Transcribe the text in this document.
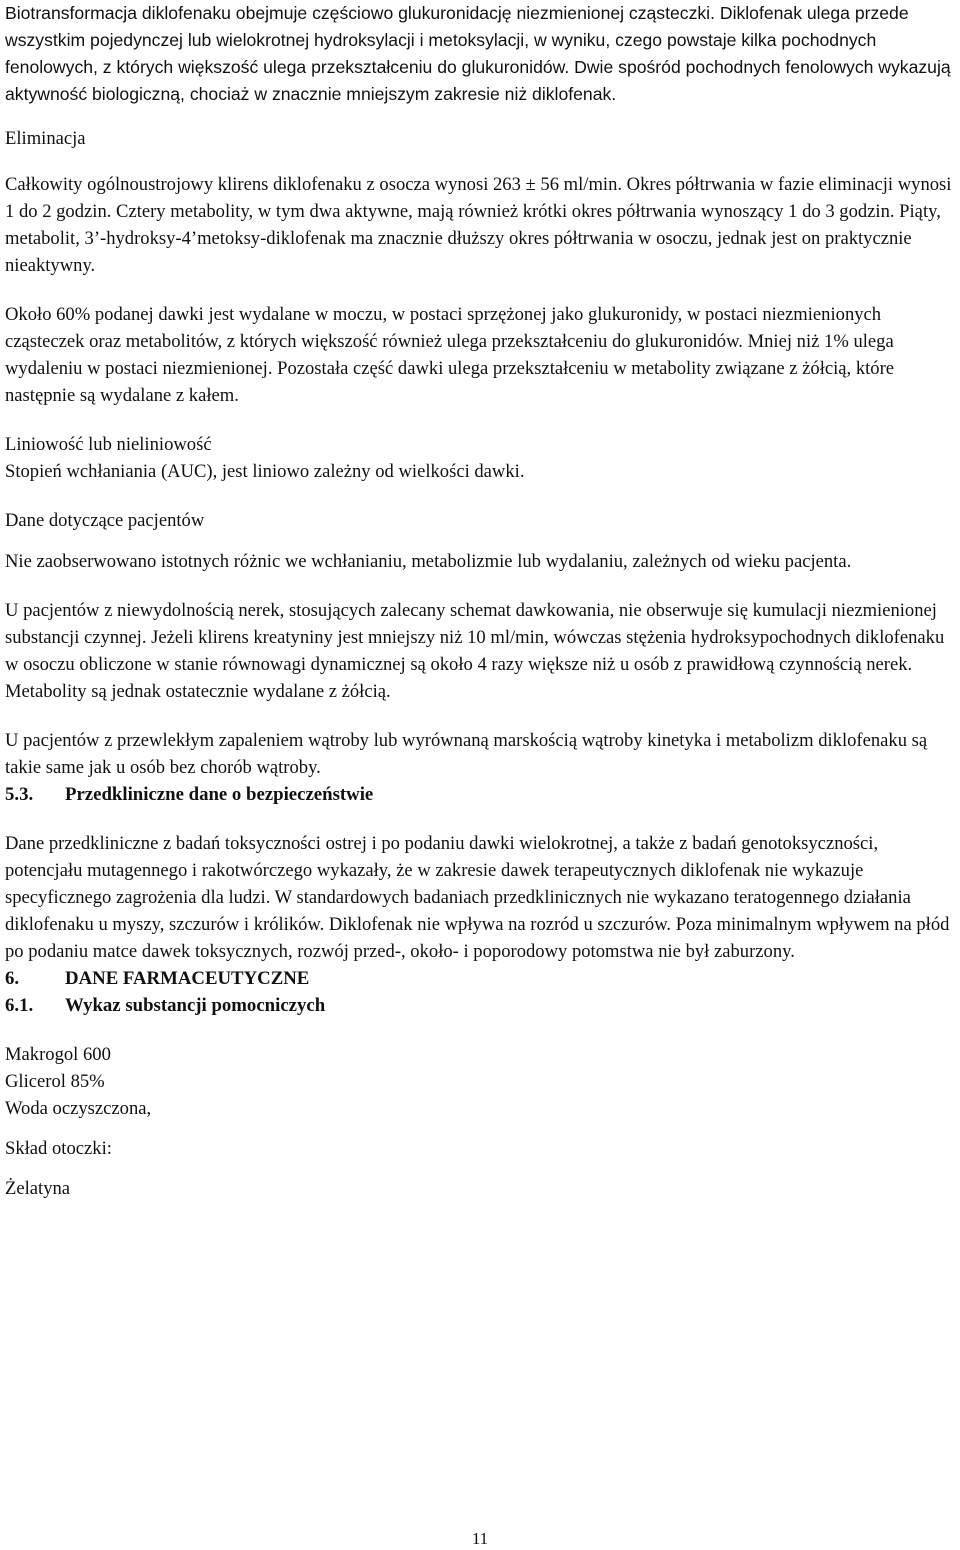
Biotransformacja diklofenaku obejmuje częściowo glukuronidację niezmienionej cząsteczki. Diklofenak ulega przede wszystkim pojedynczej lub wielokrotnej hydroksylacji i metoksylacji, w wyniku, czego powstaje kilka pochodnych fenolowych, z których większość ulega przekształceniu do glukuronidów. Dwie spośród pochodnych fenolowych wykazują aktywność biologiczną, chociaż w znacznie mniejszym zakresie niż diklofenak.

Eliminacja

Całkowity ogólnoustrojowy klirens diklofenaku z osocza wynosi 263 ± 56 ml/min. Okres półtrwania w fazie eliminacji wynosi 1 do 2 godzin. Cztery metabolity, w tym dwa aktywne, mają również krótki okres półtrwania wynoszący 1 do 3 godzin. Piąty, metabolit, 3’-hydroksy-4’metoksy-diklofenak ma znacznie dłuższy okres półtrwania w osoczu, jednak jest on praktycznie nieaktywny.

Około 60% podanej dawki jest wydalane w moczu, w postaci sprzężonej jako glukuronidy, w postaci niezmienionych cząsteczek oraz metabolitów, z których większość również ulega przekształceniu do glukuronidów. Mniej niż 1% ulega wydaleniu w postaci niezmienionej. Pozostała część dawki ulega przekształceniu w metabolity związane z żółcią, które następnie są wydalane z kałem.

Liniowość lub nieliniowość

Stopień wchłaniania (AUC), jest liniowo zależny od wielkości dawki.

Dane dotyczące pacjentów

Nie zaobserwowano istotnych różnic we wchłanianiu, metabolizmie lub wydalaniu, zależnych od wieku pacjenta.

U pacjentów z niewydolnością nerek, stosujących zalecany schemat dawkowania, nie obserwuje się kumulacji niezmienionej substancji czynnej. Jeżeli klirens kreatyniny jest mniejszy niż 10 ml/min, wówczas stężenia hydroksypochodnych diklofenaku w osoczu obliczone w stanie równowagi dynamicznej są około 4 razy większe niż u osób z prawidłową czynnością nerek. Metabolity są jednak ostatecznie wydalane z żółcią.

U pacjentów z przewlekłym zapaleniem wątroby lub wyrównaną marskością wątroby kinetyka i metabolizm diklofenaku są takie same jak u osób bez chorób wątroby.

5.3.	Przedkliniczne dane o bezpieczeństwie

Dane przedkliniczne z badań toksyczności ostrej i po podaniu dawki wielokrotnej, a także z badań genotoksyczności, potencjału mutagennego i rakotwórczego wykazały, że w zakresie dawek terapeutycznych diklofenak nie wykazuje specyficznego zagrożenia dla ludzi. W standardowych badaniach przedklinicznych nie wykazano teratogennego działania diklofenaku u myszy, szczurów i królików. Diklofenak nie wpływa na rozród u szczurów. Poza minimalnym wpływem na płód po podaniu matce dawek toksycznych, rozwój przed-, około- i poporodowy potomstwa nie był zaburzony.

6.	DANE FARMACEUTYCZNE
6.1.	Wykaz substancji pomocniczych

Makrogol 600

Glicerol 85%

Woda oczyszczona,

Skład otoczki:

Żelatyna

11
